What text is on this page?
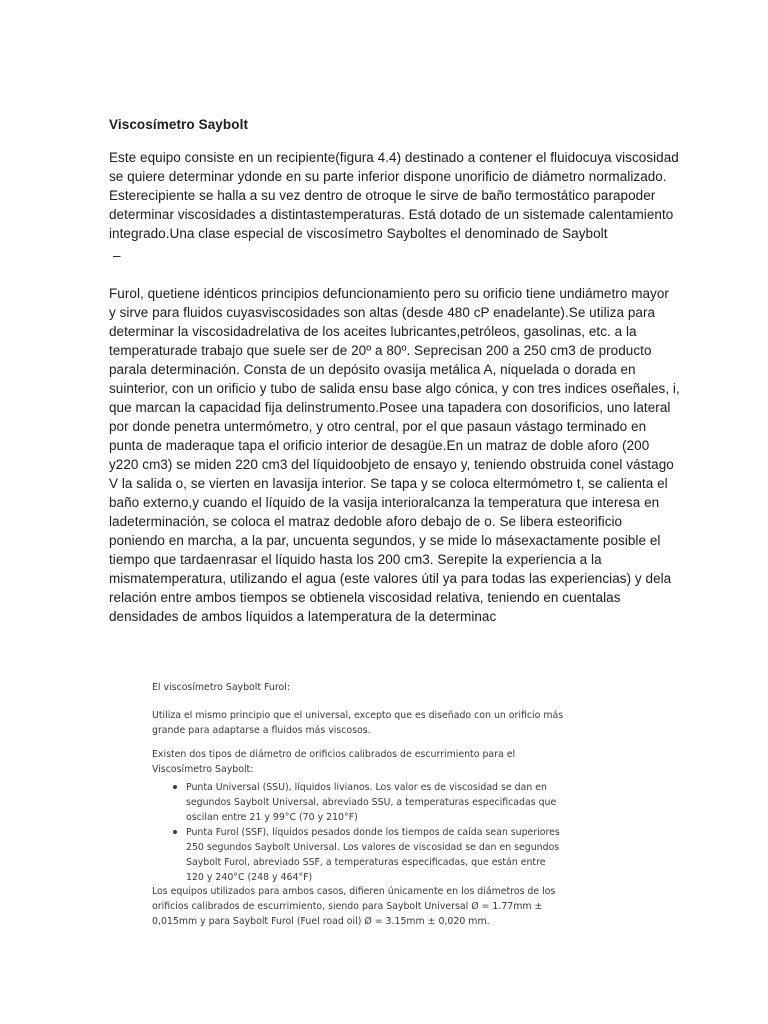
Viscosímetro Saybolt
Este equipo consiste en un recipiente(figura 4.4) destinado a contener el fluidocuya viscosidad
se quiere determinar ydonde en su parte inferior dispone unorificio de diámetro normalizado.
Esterecipiente se halla a su vez dentro de otroque le sirve de baño termostático parapoder
determinar viscosidades a distintastemperaturas. Está dotado de un sistemade calentamiento
integrado.Una clase especial de viscosímetro Sayboltes el denominado de Saybolt
–
Furol, quetiene idénticos principios defuncionamiento pero su orificio tiene undiámetro mayor
y sirve para fluidos cuyasviscosidades son altas (desde 480 cP enadelante).Se utiliza para
determinar la viscosidadrelativa de los aceites lubricantes,petróleos, gasolinas, etc. a la
temperaturade trabajo que suele ser de 20º a 80º. Seprecisan 200 a 250 cm3 de producto
parala determinación. Consta de un depósito ovasija metálica A, niquelada o dorada en
suinterior, con un orificio y tubo de salida ensu base algo cónica, y con tres indices oseñales, i,
que marcan la capacidad fija delinstrumento.Posee una tapadera con dosorificios, uno lateral
por donde penetra untermómetro, y otro central, por el que pasaun vástago terminado en
punta de maderaque tapa el orificio interior de desagüe.En un matraz de doble aforo (200
y220 cm3) se miden 220 cm3 del líquidoobjeto de ensayo y, teniendo obstruida conel vástago
V la salida o, se vierten en lavasija interior. Se tapa y se coloca eltermómetro t, se calienta el
baño externo,y cuando el líquido de la vasija interioralcanza la temperatura que interesa en
ladeterminación, se coloca el matraz dedoble aforo debajo de o. Se libera esteorificio
poniendo en marcha, a la par, uncuenta segundos, y se mide lo másexactamente posible el
tiempo que tardaenrasar el líquido hasta los 200 cm3. Serepite la experiencia a la
mismatemperatura, utilizando el agua (este valores útil ya para todas las experiencias) y dela
relación entre ambos tiempos se obtienela viscosidad relativa, teniendo en cuentalas
densidades de ambos líquidos a latemperatura de la determinac
El viscosímetro Saybolt Furol:
Utiliza el mismo principio que el universal, excepto que es diseñado con un orificio más
grande para adaptarse a fluidos más viscosos.
Existen dos tipos de diámetro de orificios calibrados de escurrimiento para el
Viscosímetro Saybolt:
Punta Universal (SSU), líquidos livianos. Los valor es de viscosidad se dan en
segundos Saybolt Universal, abreviado SSU, a temperaturas especificadas que
oscilan entre 21 y 99°C (70 y 210°F)
Punta Furol (SSF), líquidos pesados donde los tiempos de caída sean superiores
250 segundos Saybolt Universal. Los valores de viscosidad se dan en segundos
Saybolt Furol, abreviado SSF, a temperaturas especificadas, que están entre
120 y 240°C (248 y 464°F)
Los equipos utilizados para ambos casos, difieren únicamente en los diámetros de los
orificios calibrados de escurrimiento, siendo para Saybolt Universal Ø = 1.77mm ±
0,015mm y para Saybolt Furol (Fuel road oil) Ø = 3.15mm ± 0,020 mm.
